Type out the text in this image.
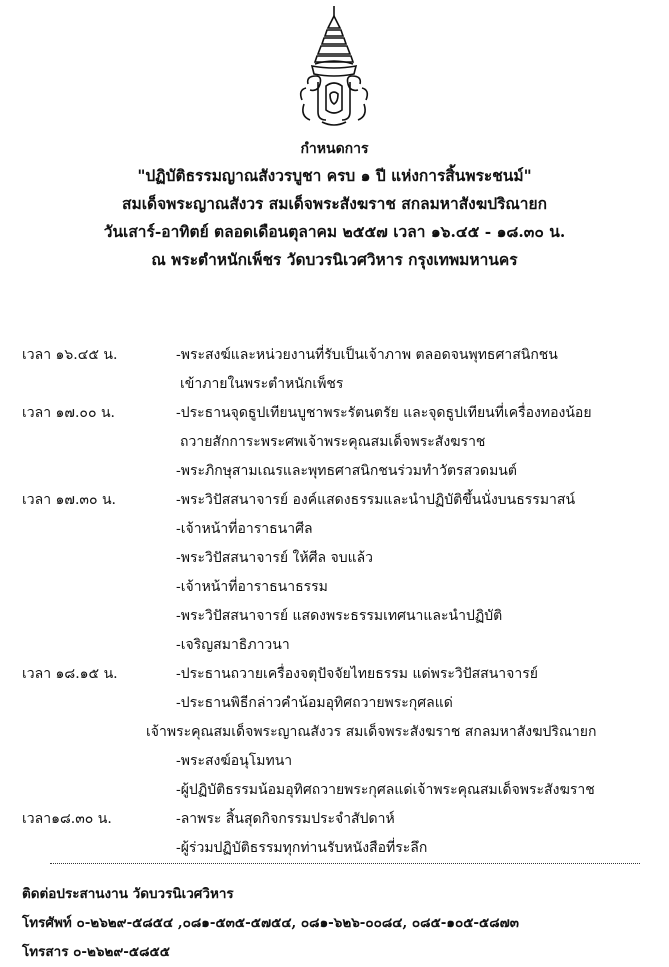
กำหนดการ
"ปฏิบัติธรรมญาณสังวรบูชา ครบ ๑ ปี แห่งการสิ้นพระชนม์"
สมเด็จพระญาณสังวร สมเด็จพระสังฆราช สกลมหาสังฆปริณายก
วันเสาร์-อาทิตย์ ตลอดเดือนตุลาคม ๒๕๕๗ เวลา ๑๖.๔๕ - ๑๘.๓๐ น.
ณ พระตำหนักเพ็ชร วัดบวรนิเวศวิหาร กรุงเทพมหานคร
เวลา ๑๖.๔๕ น.	-พระสงฆ์และหน่วยงานที่รับเป็นเจ้าภาพ ตลอดจนพุทธศาสนิกชน
เข้าภายในพระตำหนักเพ็ชร
เวลา ๑๗.๐๐ น.	-ประธานจุดธูปเทียนบูชาพระรัตนตรัย และจุดธูปเทียนที่เครื่องทองน้อย
ถวายสักการะพระศพเจ้าพระคุณสมเด็จพระสังฆราช
-พระภิกษุสามเณรและพุทธศาสนิกชนร่วมทำวัตรสวดมนต์
เวลา ๑๗.๓๐ น.	-พระวิปัสสนาจารย์ องค์แสดงธรรมและนำปฏิบัติขึ้นนั่งบนธรรมาสน์
-เจ้าหน้าที่อาราธนาศีล
-พระวิปัสสนาจารย์ ให้ศีล จบแล้ว
-เจ้าหน้าที่อาราธนาธรรม
-พระวิปัสสนาจารย์ แสดงพระธรรมเทศนาและนำปฏิบัติ
-เจริญสมาธิภาวนา
เวลา ๑๘.๑๕ น.	-ประธานถวายเครื่องจตุปัจจัยไทยธรรม แด่พระวิปัสสนาจารย์
-ประธานพิธีกล่าวคำน้อมอุทิศถวายพระกุศลแด่
เจ้าพระคุณสมเด็จพระญาณสังวร สมเด็จพระสังฆราช สกลมหาสังฆปริณายก
-พระสงฆ์อนุโมทนา
-ผู้ปฏิบัติธรรมน้อมอุทิศถวายพระกุศลแด่เจ้าพระคุณสมเด็จพระสังฆราช
เวลา๑๘.๓๐ น.	-ลาพระ สิ้นสุดกิจกรรมประจำสัปดาห์
-ผู้ร่วมปฏิบัติธรรมทุกท่านรับหนังสือที่ระลึก
ติดต่อประสานงาน วัดบวรนิเวศวิหาร
โทรศัพท์ ๐-๒๖๒๙-๕๘๕๔ ,๐๘๑-๕๓๕-๕๗๕๔, ๐๘๑-๖๒๖-๐๐๘๔, ๐๘๕-๑๐๕-๕๘๗๓
โทรสาร ๐-๒๖๒๙-๕๘๕๕
